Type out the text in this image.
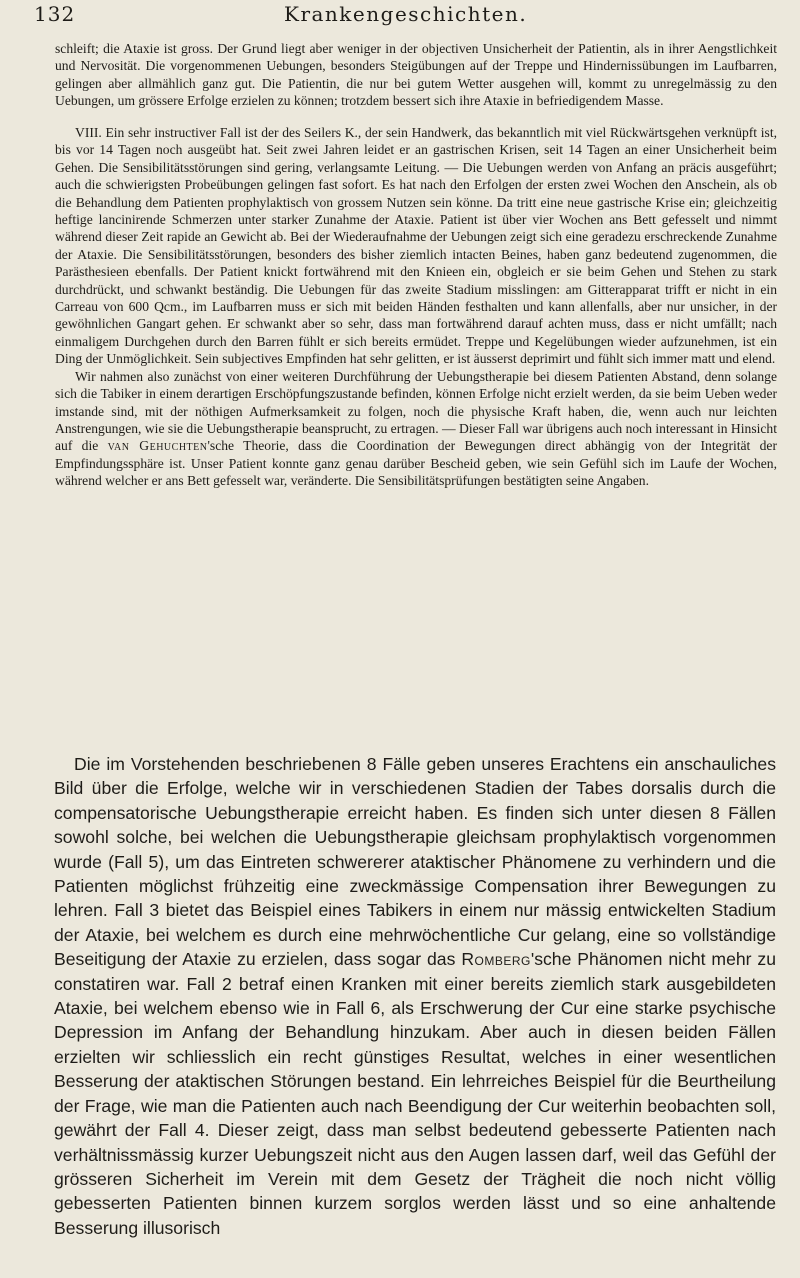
132	Krankengeschichten.

schleift; die Ataxie ist gross. Der Grund liegt aber weniger in der objectiven Unsicherheit der Patientin, als in ihrer Aengstlichkeit und Nervosität. Die vorgenommenen Uebungen, besonders Steigübungen auf der Treppe und Hindernissübungen im Laufbarren, gelingen aber allmählich ganz gut. Die Patientin, die nur bei gutem Wetter ausgehen will, kommt zu unregelmässig zu den Uebungen, um grössere Erfolge erzielen zu können; trotzdem bessert sich ihre Ataxie in befriedigendem Masse.

VIII. Ein sehr instructiver Fall ist der des Seilers K., der sein Handwerk, das bekanntlich mit viel Rückwärtsgehen verknüpft ist, bis vor 14 Tagen noch ausgeübt hat. Seit zwei Jahren leidet er an gastrischen Krisen, seit 14 Tagen an einer Unsicherheit beim Gehen. Die Sensibilitätsstörungen sind gering, verlangsamte Leitung. — Die Uebungen werden von Anfang an präcis ausgeführt; auch die schwierigsten Probeübungen gelingen fast sofort. Es hat nach den Erfolgen der ersten zwei Wochen den Anschein, als ob die Behandlung dem Patienten prophylaktisch von grossem Nutzen sein könne. Da tritt eine neue gastrische Krise ein; gleichzeitig heftige lancinirende Schmerzen unter starker Zunahme der Ataxie. Patient ist über vier Wochen ans Bett gefesselt und nimmt während dieser Zeit rapide an Gewicht ab. Bei der Wiederaufnahme der Uebungen zeigt sich eine geradezu erschreckende Zunahme der Ataxie. Die Sensibilitätsstörungen, besonders des bisher ziemlich intacten Beines, haben ganz bedeutend zugenommen, die Parästhesieen ebenfalls. Der Patient knickt fortwährend mit den Knieen ein, obgleich er sie beim Gehen und Stehen zu stark durchdrückt, und schwankt beständig. Die Uebungen für das zweite Stadium misslingen: am Gitterapparat trifft er nicht in ein Carreau von 600 Qcm., im Laufbarren muss er sich mit beiden Händen festhalten und kann allenfalls, aber nur unsicher, in der gewöhnlichen Gangart gehen. Er schwankt aber so sehr, dass man fortwährend darauf achten muss, dass er nicht umfällt; nach einmaligem Durchgehen durch den Barren fühlt er sich bereits ermüdet. Treppe und Kegelübungen wieder aufzunehmen, ist ein Ding der Unmöglichkeit. Sein subjectives Empfinden hat sehr gelitten, er ist äusserst deprimirt und fühlt sich immer matt und elend.

Wir nahmen also zunächst von einer weiteren Durchführung der Uebungstherapie bei diesem Patienten Abstand, denn solange sich die Tabiker in einem derartigen Erschöpfungszustande befinden, können Erfolge nicht erzielt werden, da sie beim Ueben weder imstande sind, mit der nöthigen Aufmerksamkeit zu folgen, noch die physische Kraft haben, die, wenn auch nur leichten Anstrengungen, wie sie die Uebungstherapie beansprucht, zu ertragen. — Dieser Fall war übrigens auch noch interessant in Hinsicht auf die van Gehuchten'sche Theorie, dass die Coordination der Bewegungen direct abhängig von der Integrität der Empfindungssphäre ist. Unser Patient konnte ganz genau darüber Bescheid geben, wie sein Gefühl sich im Laufe der Wochen, während welcher er ans Bett gefesselt war, veränderte. Die Sensibilitätsprüfungen bestätigten seine Angaben.

Die im Vorstehenden beschriebenen 8 Fälle geben unseres Erachtens ein anschauliches Bild über die Erfolge, welche wir in verschiedenen Stadien der Tabes dorsalis durch die compensatorische Uebungstherapie erreicht haben. Es finden sich unter diesen 8 Fällen sowohl solche, bei welchen die Uebungstherapie gleichsam prophylaktisch vorgenommen wurde (Fall 5), um das Eintreten schwererer ataktischer Phänomene zu verhindern und die Patienten möglichst frühzeitig eine zweckmässige Compensation ihrer Bewegungen zu lehren. Fall 3 bietet das Beispiel eines Tabikers in einem nur mässig entwickelten Stadium der Ataxie, bei welchem es durch eine mehrwöchentliche Cur gelang, eine so vollständige Beseitigung der Ataxie zu erzielen, dass sogar das Romberg'sche Phänomen nicht mehr zu constatiren war. Fall 2 betraf einen Kranken mit einer bereits ziemlich stark ausgebildeten Ataxie, bei welchem ebenso wie in Fall 6, als Erschwerung der Cur eine starke psychische Depression im Anfang der Behandlung hinzukam. Aber auch in diesen beiden Fällen erzielten wir schliesslich ein recht günstiges Resultat, welches in einer wesentlichen Besserung der ataktischen Störungen bestand. Ein lehrreiches Beispiel für die Beurtheilung der Frage, wie man die Patienten auch nach Beendigung der Cur weiterhin beobachten soll, gewährt der Fall 4. Dieser zeigt, dass man selbst bedeutend gebesserte Patienten nach verhältnissmässig kurzer Uebungszeit nicht aus den Augen lassen darf, weil das Gefühl der grösseren Sicherheit im Verein mit dem Gesetz der Trägheit die noch nicht völlig gebesserten Patienten binnen kurzem sorglos werden lässt und so eine anhaltende Besserung illusorisch
